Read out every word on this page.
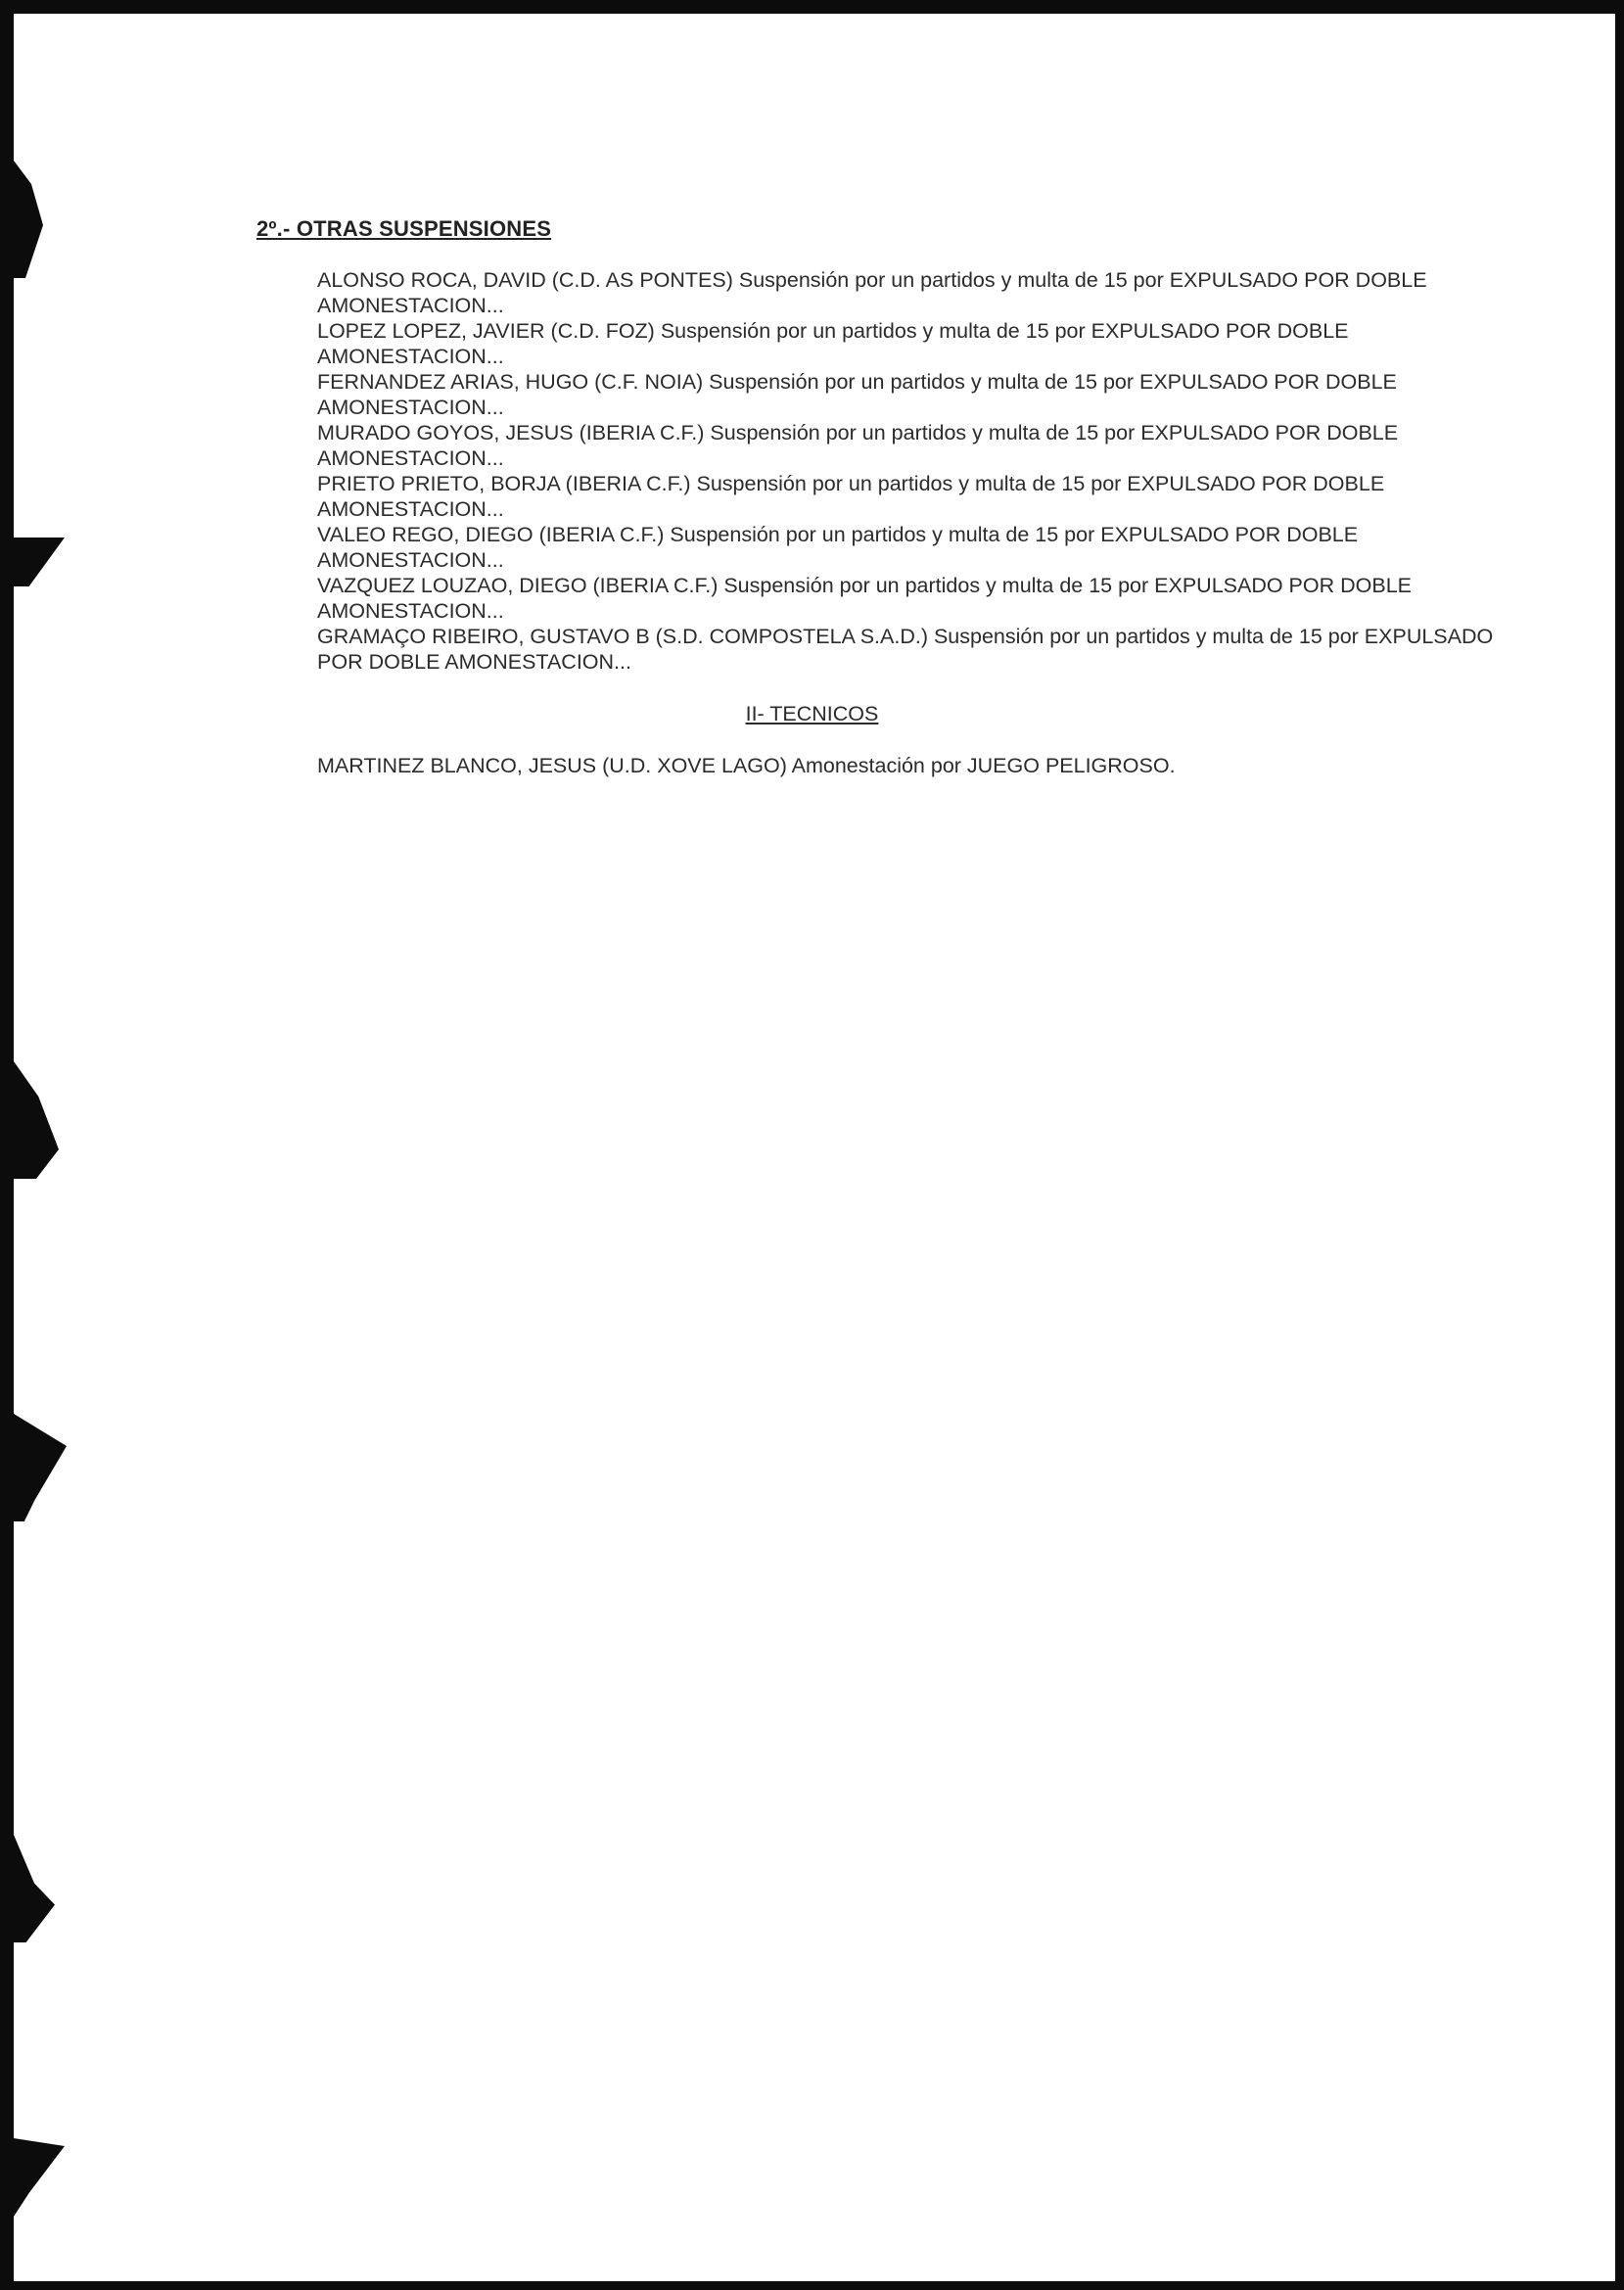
2º.- OTRAS SUSPENSIONES
ALONSO ROCA, DAVID (C.D. AS PONTES) Suspensión por un partidos y multa de 15 por EXPULSADO POR DOBLE AMONESTACION...
LOPEZ LOPEZ, JAVIER (C.D. FOZ) Suspensión por un partidos y multa de 15 por EXPULSADO POR DOBLE AMONESTACION...
FERNANDEZ ARIAS, HUGO (C.F. NOIA) Suspensión por un partidos y multa de 15 por EXPULSADO POR DOBLE AMONESTACION...
MURADO GOYOS, JESUS (IBERIA C.F.) Suspensión por un partidos y multa de 15 por EXPULSADO POR DOBLE AMONESTACION...
PRIETO PRIETO, BORJA (IBERIA C.F.) Suspensión por un partidos y multa de 15 por EXPULSADO POR DOBLE AMONESTACION...
VALEO REGO, DIEGO (IBERIA C.F.) Suspensión por un partidos y multa de 15 por EXPULSADO POR DOBLE AMONESTACION...
VAZQUEZ LOUZAO, DIEGO (IBERIA C.F.) Suspensión por un partidos y multa de 15 por EXPULSADO POR DOBLE AMONESTACION...
GRAMAÇO RIBEIRO, GUSTAVO B (S.D. COMPOSTELA S.A.D.) Suspensión por un partidos y multa de 15 por EXPULSADO POR DOBLE AMONESTACION...
II- TECNICOS

MARTINEZ BLANCO, JESUS (U.D. XOVE LAGO) Amonestación por JUEGO PELIGROSO.
